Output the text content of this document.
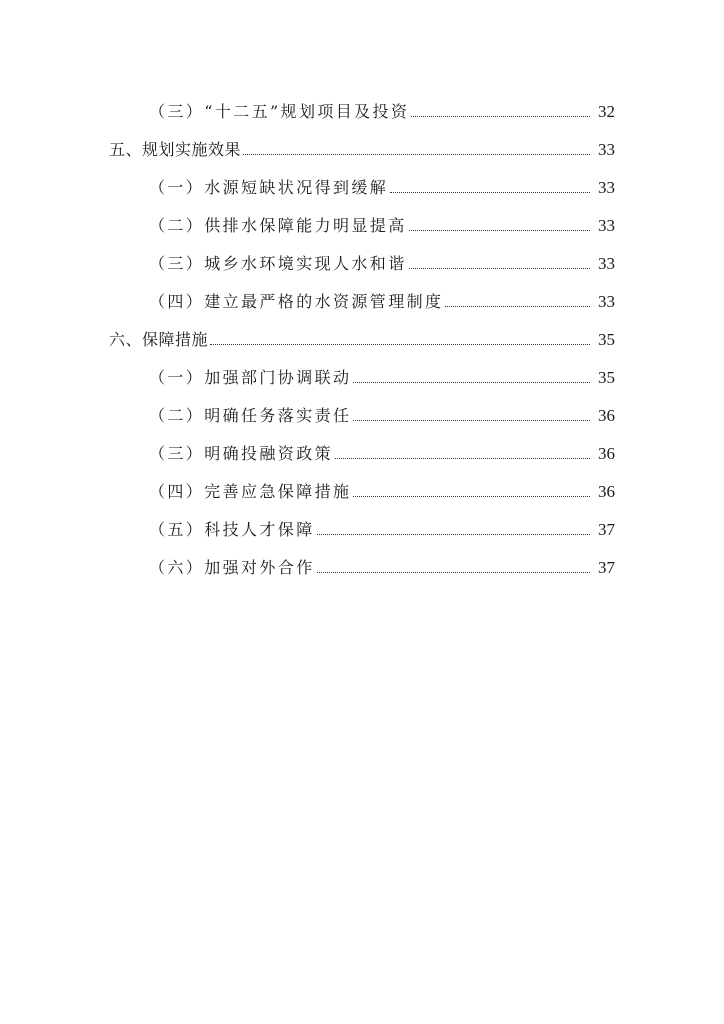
（三）“十二五”规划项目及投资	32
五、规划实施效果	33
（一）水源短缺状况得到缓解	33
（二）供排水保障能力明显提高	33
（三）城乡水环境实现人水和谐	33
（四）建立最严格的水资源管理制度	33
六、保障措施	35
（一）加强部门协调联动	35
（二）明确任务落实责任	36
（三）明确投融资政策	36
（四）完善应急保障措施	36
（五）科技人才保障	37
（六）加强对外合作	37
